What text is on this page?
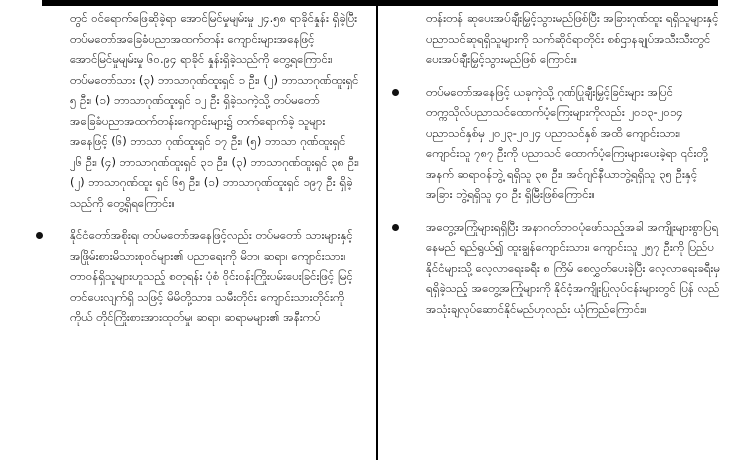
တွင် ဝင်ရောက်ဖြေဆိုခဲ့ရာ အောင်မြင်မှုမျမ်းမှု ၂၄.၅၈ ရာခိုင်နှုန်း ရှိခဲ့ပြီး တပ်မတော်အခြေခံပညာအထက်တန်း ကျောင်းများအနေဖြင့် အောင်မြင်မှုမျမ်းမှု ၆၀.၉၄ ရာခိုင် နှုန်းရှိခဲ့သည်ကို တွေ့ရကြောင်း၊ တပ်မတော်သား (၃) ဘာသာဂုဏ်ထူးရှင် ၁ ဦး၊ (၂) ဘာသာဂုဏ်ထူးရှင် ၅ ဦး၊ (၁) ဘာသာဂုဏ်ထူးရှင် ၁၂ ဦး ရှိခဲ့သကဲ့သို့ တပ်မတော် အခြေခံပညာအထက်တန်းကျောင်းများ၌ တက်ရောက်ခဲ့ သူများအနေဖြင့် (၆) ဘာသာ ဂုဏ်ထူးရှင် ၁၇ ဦး၊ (၅) ဘာသာ ဂုဏ်ထူးရှင် ၂၆ ဦး၊ (၄) ဘာသာဂုဏ်ထူးရှင် ၃၁ ဦး၊ (၃) ဘာသာဂုဏ်ထူးရှင် ၃၈ ဦး၊ (၂) ဘာသာဂုဏ်ထူး ရှင် ၆၅ ဦး၊ (၁) ဘာသာဂုဏ်ထူးရှင် ၁၉၇ ဦး ရှိခဲ့သည်ကို တွေ့ရှိရကြောင်း။

နိုင်ငံတော်အစိုးရ၊ တပ်မတော်အနေဖြင့်လည်း တပ်မတော် သားများနှင့် အဖြိုမ်းစားမိသားစုဝင်များ၏ ပညာရေးကို မိဘ၊ ဆရာ၊ ကျောင်းသား၊ တာဝန်ရှိသူများဟူသည့် စတုရန်း ပုံစံ ဝိုင်းဝန်းကြိုးပမ်းပေးခြင်းဖြင့် မြင့်တင်ပေးလျက်ရှိ သဖြင့် မိမိတို့သား၊ သမီးတိုင်း ကျောင်းသားတိုင်းကို ကိုယ် တိုင်ကြိုးစားအားထုတ်မှု၊ ဆရာ၊ ဆရာမများ၏ အနီးကပ်

တန်းတန် ဆုပေးအပ်ချီးမြှင့်သွားမည်ဖြစ်ပြီး အခြားဂုဏ်ထူး ရရှိသူများနှင့် ပညာသင်ဆုရရှိသူများကို သက်ဆိုင်ရာတိုင်း စစ်ဌာနချုပ်အသီးသီးတွင် ပေးအပ်ချီးမြှင့်သွားမည်ဖြစ် ကြောင်း။

တပ်မတော်အနေဖြင့် ယခုကဲ့သို့ ဂုဏ်ပြုချီးမြှင့်ခြင်းများ အပြင် တက္ကသိုလ်ပညာသင်ထောက်ပံ့ကြေးများကိုလည်း ၂၀၁၃-၂၀၁၄ ပညာသင်နှစ်မှ ၂၀၂၃-၂၀၂၄ ပညာသင်နှစ် အထိ ကျောင်းသား၊ ကျောင်းသူ ၇၈၇ ဦးကို ပညာသင် ထောက်ပံ့ကြေးများပေးခဲ့ရာ ၎င်းတို့အနက် ဆရာဝန်ဘွဲ့ ရရှိသူ ၃၈ ဦး၊ အင်ဂျင်နီယာဘွဲ့ရရှိသူ ၃၅ ဦးနှင့် အခြား ဘွဲ့ရရှိသူ ၄၀ ဦး ရှိမြီးဖြစ်ကြောင်း။

အတွေ့အကြုံများရရှိပြီး အနာဂတ်ဘဝပုံဖော်သည့်အခါ အကျိုးများစွာပြရနေမည် ရည်ရွယ်၍ ထူးချွန်ကျောင်းသား၊ ကျောင်းသူ ၂၅၇ ဦးကို ပြည်ပနိုင်ငံများသို့ လေ့လာရေးခရီး ၈ ကြိမ် စေလွှတ်ပေးခဲ့ပြီး လေ့လာရေးခရီးမှ ရရှိခဲ့သည့် အတွေ့အကြုံများကို နိုင်ငံ့အကျိုးပြုလုပ်ငန်းများတွင် ပြန် လည်အသုံးချလုပ်ဆောင်နိုင်မည်ဟုလည်း ယုံကြည်ကြောင်း။
